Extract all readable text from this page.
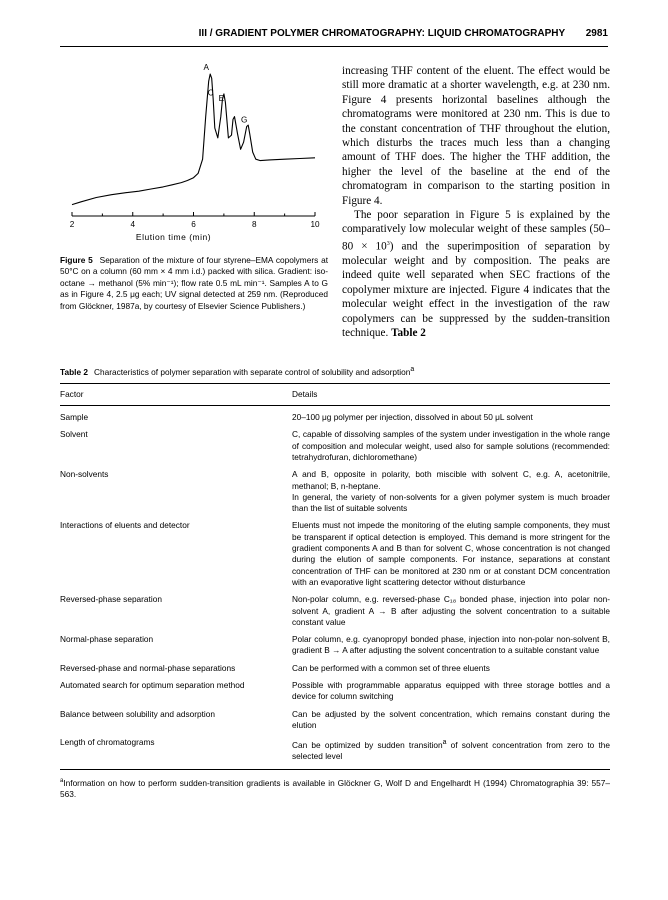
III / GRADIENT POLYMER CHROMATOGRAPHY: LIQUID CHROMATOGRAPHY 2981
2	4	6	8	10
Elution time (min)
A
C
E
G
Figure 5 Separation of the mixture of four styrene–EMA copolymers at 50°C on a column (60 mm × 4 mm i.d.) packed with silica. Gradient: iso-octane → methanol (5% min⁻¹); flow rate 0.5 mL min⁻¹. Samples A to G as in Figure 4, 2.5 μg each; UV signal detected at 259 nm. (Reproduced from Glöckner, 1987a, by courtesy of Elsevier Science Publishers.)

increasing THF content of the eluent. The effect would be still more dramatic at a shorter wavelength, e.g. at 230 nm. Figure 4 presents horizontal baselines although the chromatograms were monitored at 230 nm. This is due to the constant concentration of THF throughout the elution, which disturbs the traces much less than a changing amount of THF does. The higher the THF addition, the higher the level of the baseline at the end of the chromatogram in comparison to the starting position in Figure 4.

The poor separation in Figure 5 is explained by the comparatively low molecular weight of these samples $(50-80 \times 10^3)$ and the superimposition of separation by molecular weight and by composition. The peaks are indeed quite well separated when SEC fractions of the copolymer mixture are injected. Figure 4 indicates that the molecular weight effect in the investigation of the raw copolymers can be suppressed by the sudden-transition technique. Table 2

Table 2 Characteristics of polymer separation with separate control of solubility and adsorption$^a$
Factor	Details
Sample	20–100 μg polymer per injection, dissolved in about 50 μL solvent
Solvent	C, capable of dissolving samples of the system under investigation in the whole range of composition and molecular weight, used also for sample solutions (recommended: tetrahydrofuran, dichloromethane)
Non-solvents	A and B, opposite in polarity, both miscible with solvent C, e.g. A, acetonitrile, methanol; B, n-heptane.
In general, the variety of non-solvents for a given polymer system is much broader than the list of suitable solvents

Interactions of eluents and detector	Eluents must not impede the monitoring of the eluting sample components, they must be transparent if optical detection is employed. This demand is more stringent for the gradient components A and B than for solvent C, whose concentration is not changed during the elution of sample components. For instance, separations at constant concentration of THF can be monitored at 230 nm or at constant DCM concentration with an evaporative light scattering detector without disturbance
Reversed-phase separation	Non-polar column, e.g. reversed-phase C₁₈ bonded phase, injection into polar non-solvent A, gradient A → B after adjusting the solvent concentration to a suitable constant value
Normal-phase separation	Polar column, e.g. cyanopropyl bonded phase, injection into non-polar non-solvent B, gradient B → A after adjusting the solvent concentration to a suitable constant value
Reversed-phase and normal-phase separations	Can be performed with a common set of three eluents
Automated search for optimum separation method	Possible with programmable apparatus equipped with three storage bottles and a device for column switching
Balance between solubility and adsorption	Can be adjusted by the solvent concentration, which remains constant during the elution
Length of chromatograms	Can be optimized by sudden transition$^a$ of solvent concentration from zero to the selected level
$^a$Information on how to perform sudden-transition gradients is available in Glöckner G, Wolf D and Engelhardt H (1994) Chromatographia 39: 557–563.
